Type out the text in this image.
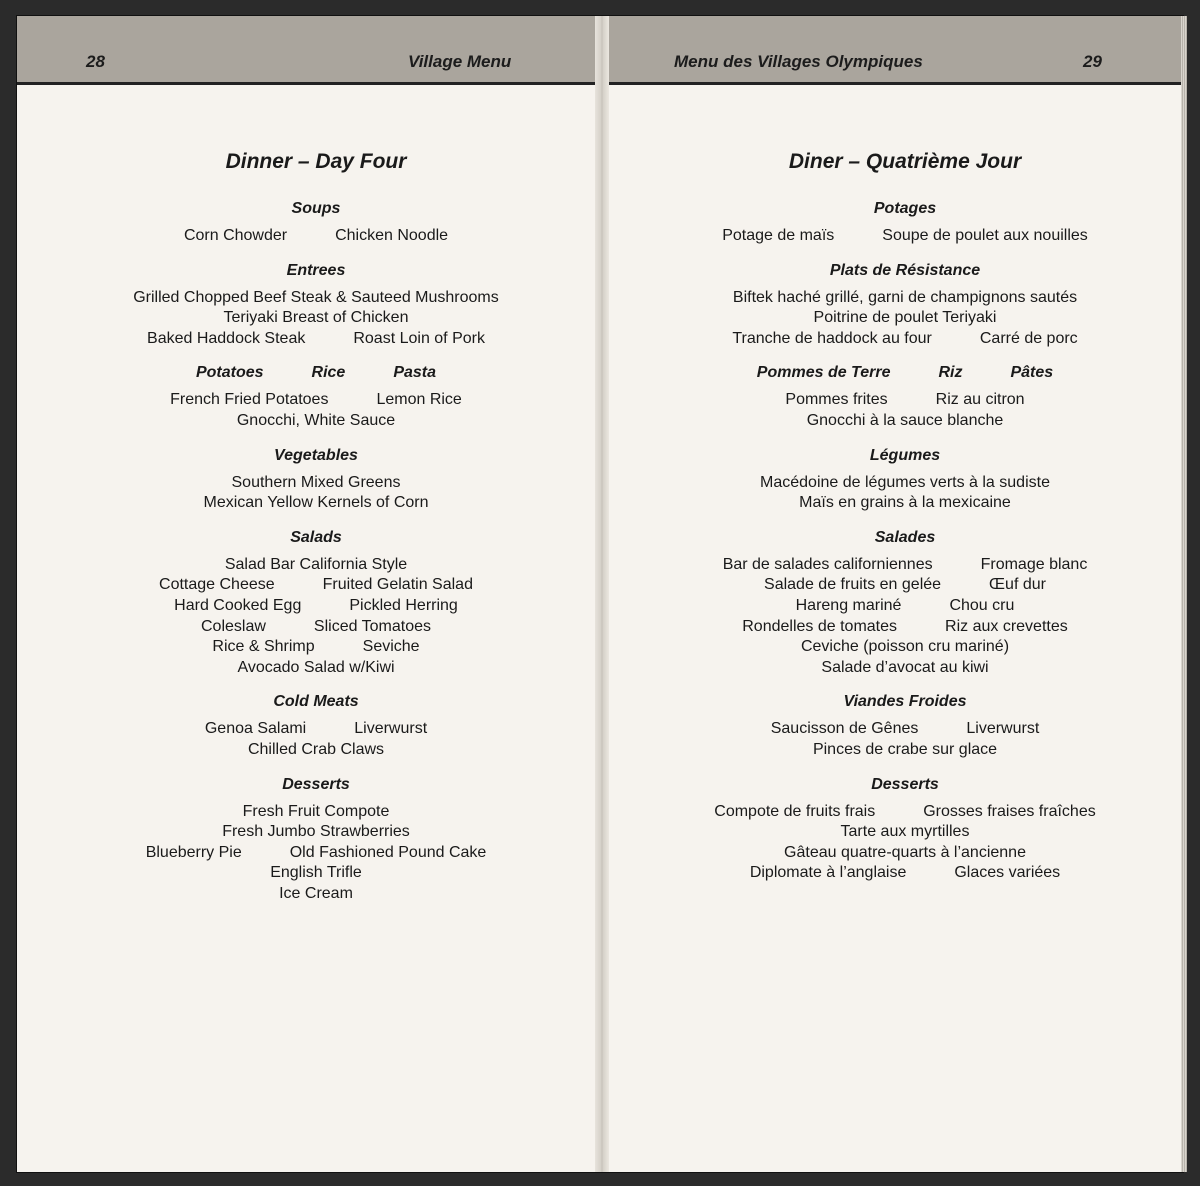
28	Village Menu	Menu des Villages Olympiques	29
Dinner – Day Four
Soups
Corn Chowder	Chicken Noodle
Entrees
Grilled Chopped Beef Steak & Sauteed Mushrooms
Teriyaki Breast of Chicken
Baked Haddock Steak	Roast Loin of Pork
Potatoes	Rice	Pasta
French Fried Potatoes	Lemon Rice
Gnocchi, White Sauce
Vegetables
Southern Mixed Greens
Mexican Yellow Kernels of Corn
Salads
Salad Bar California Style
Cottage Cheese	Fruited Gelatin Salad
Hard Cooked Egg	Pickled Herring
Coleslaw	Sliced Tomatoes
Rice & Shrimp	Seviche
Avocado Salad w/Kiwi
Cold Meats
Genoa Salami	Liverwurst
Chilled Crab Claws
Desserts
Fresh Fruit Compote
Fresh Jumbo Strawberries
Blueberry Pie	Old Fashioned Pound Cake
English Trifle
Ice Cream
Diner – Quatrième Jour
Potages
Potage de maïs	Soupe de poulet aux nouilles
Plats de Résistance
Biftek haché grillé, garni de champignons sautés
Poitrine de poulet Teriyaki
Tranche de haddock au four	Carré de porc
Pommes de Terre	Riz	Pâtes
Pommes frites	Riz au citron
Gnocchi à la sauce blanche
Légumes
Macédoine de légumes verts à la sudiste
Maïs en grains à la mexicaine
Salades
Bar de salades californiennes	Fromage blanc
Salade de fruits en gelée	Œuf dur
Hareng mariné	Chou cru
Rondelles de tomates	Riz aux crevettes
Ceviche (poisson cru mariné)
Salade d’avocat au kiwi
Viandes Froides
Saucisson de Gênes	Liverwurst
Pinces de crabe sur glace
Desserts
Compote de fruits frais	Grosses fraises fraîches
Tarte aux myrtilles
Gâteau quatre-quarts à l’ancienne
Diplomate à l’anglaise	Glaces variées
